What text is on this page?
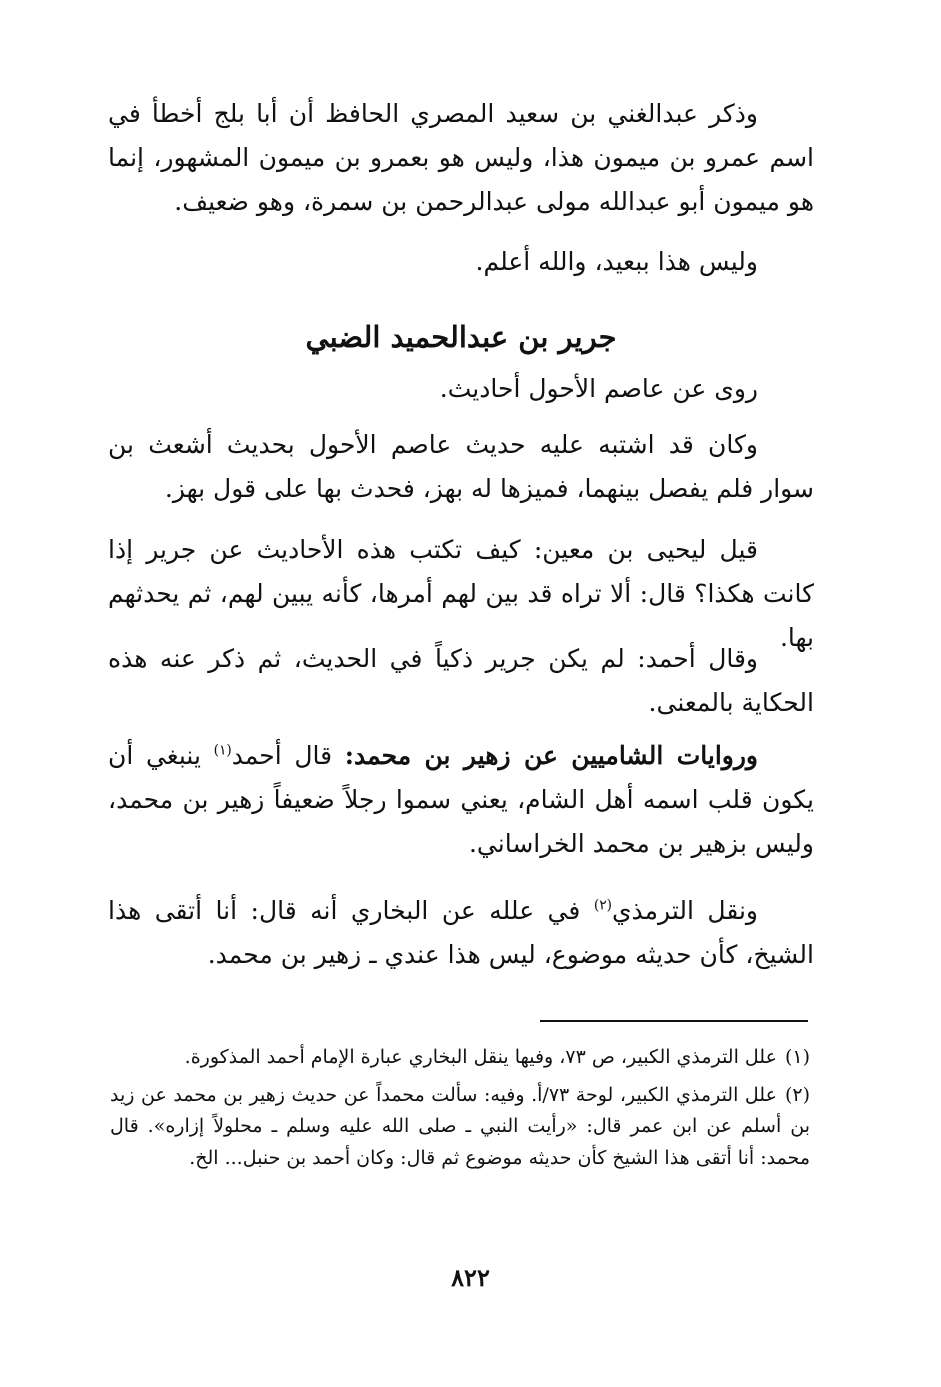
وذكر عبدالغني بن سعيد المصري الحافظ أن أبا بلج أخطأ في اسم عمرو بن ميمون هذا، وليس هو بعمرو بن ميمون المشهور، إنما هو ميمون أبو عبدالله مولى عبدالرحمن بن سمرة، وهو ضعيف.

وليس هذا ببعيد، والله أعلم.

جرير بن عبدالحميد الضبي

روى عن عاصم الأحول أحاديث.

وكان قد اشتبه عليه حديث عاصم الأحول بحديث أشعث بن سوار فلم يفصل بينهما، فميزها له بهز، فحدث بها على قول بهز.

قيل ليحيى بن معين: كيف تكتب هذه الأحاديث عن جرير إذا كانت هكذا؟ قال: ألا تراه قد بين لهم أمرها، كأنه يبين لهم، ثم يحدثهم بها.

وقال أحمد: لم يكن جرير ذكياً في الحديث، ثم ذكر عنه هذه الحكاية بالمعنى.

وروايات الشاميين عن زهير بن محمد: قال أحمد$^{(١)}$ ينبغي أن يكون قلب اسمه أهل الشام، يعني سموا رجلاً ضعيفاً زهير بن محمد، وليس بزهير بن محمد الخراساني.

ونقل الترمذي$^{(٢)}$ في علله عن البخاري أنه قال: أنا أتقى هذا الشيخ، كأن حديثه موضوع، ليس هذا عندي ـ زهير بن محمد.

(١)علل الترمذي الكبير، ص ٧٣، وفيها ينقل البخاري عبارة الإمام أحمد المذكورة.

(٢)علل الترمذي الكبير، لوحة ٧٣/أ. وفيه: سألت محمداً عن حديث زهير بن محمد عن زيد بن أسلم عن ابن عمر قال: «رأيت النبي ـ صلى الله عليه وسلم ـ محلولاً إزاره». قال محمد: أنا أتقى هذا الشيخ كأن حديثه موضوع ثم قال: وكان أحمد بن حنبل... الخ.

٨٢٢
